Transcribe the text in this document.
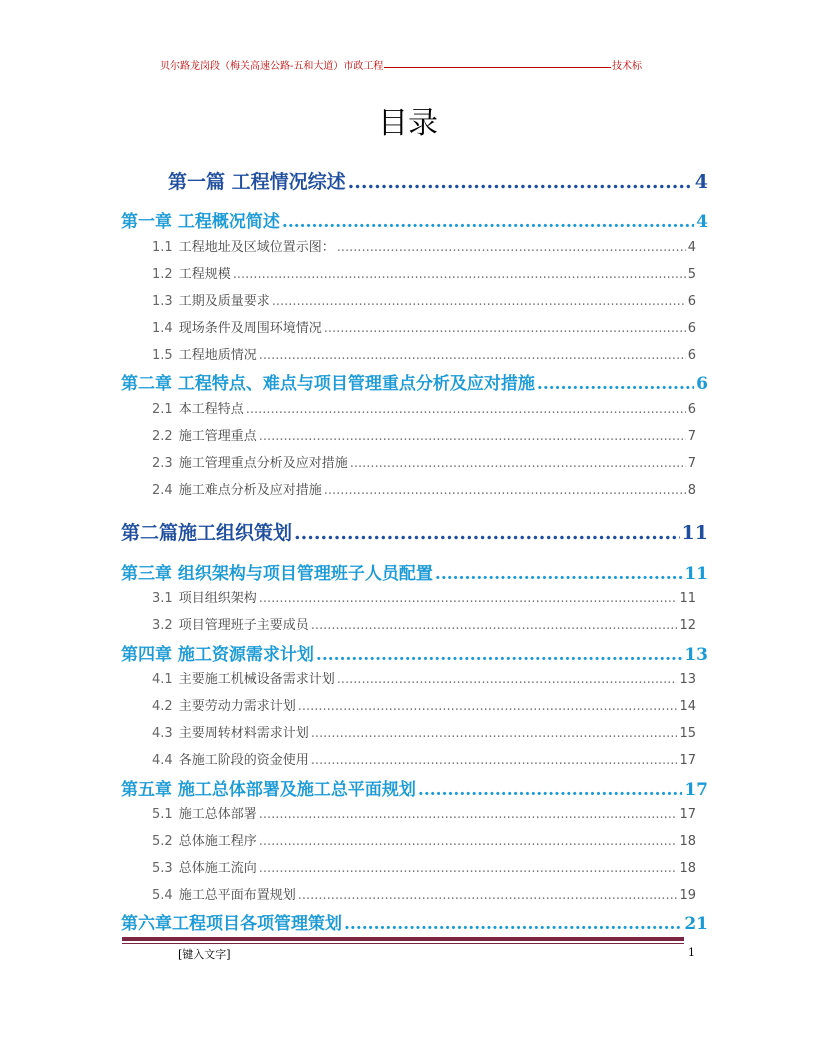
贝尔路龙岗段（梅关高速公路-五和大道）市政工程	技术标
目录
第一篇 工程情况综述 .....	4
第一章 工程概况简述 .....	4
1.1 工程地址及区域位置示图： .....	4
1.2 工程规模 .....	5
1.3 工期及质量要求 .....	6
1.4 现场条件及周围环境情况 .....	6
1.5 工程地质情况 .....	6
第二章 工程特点、难点与项目管理重点分析及应对措施 .....	6
2.1 本工程特点 .....	6
2.2 施工管理重点 .....	7
2.3 施工管理重点分析及应对措施 .....	7
2.4 施工难点分析及应对措施 .....	8
第二篇施工组织策划 .....	11
第三章 组织架构与项目管理班子人员配置 .....	11
3.1 项目组织架构 .....	11
3.2 项目管理班子主要成员 .....	12
第四章 施工资源需求计划 .....	13
4.1 主要施工机械设备需求计划 .....	13
4.2 主要劳动力需求计划 .....	14
4.3 主要周转材料需求计划 .....	15
4.4 各施工阶段的资金使用 .....	17
第五章 施工总体部署及施工总平面规划 .....	17
5.1 施工总体部署 .....	17
5.2 总体施工程序 .....	18
5.3 总体施工流向 .....	18
5.4 施工总平面布置规划 .....	19
第六章工程项目各项管理策划 .....	21
[键入文字]	1
